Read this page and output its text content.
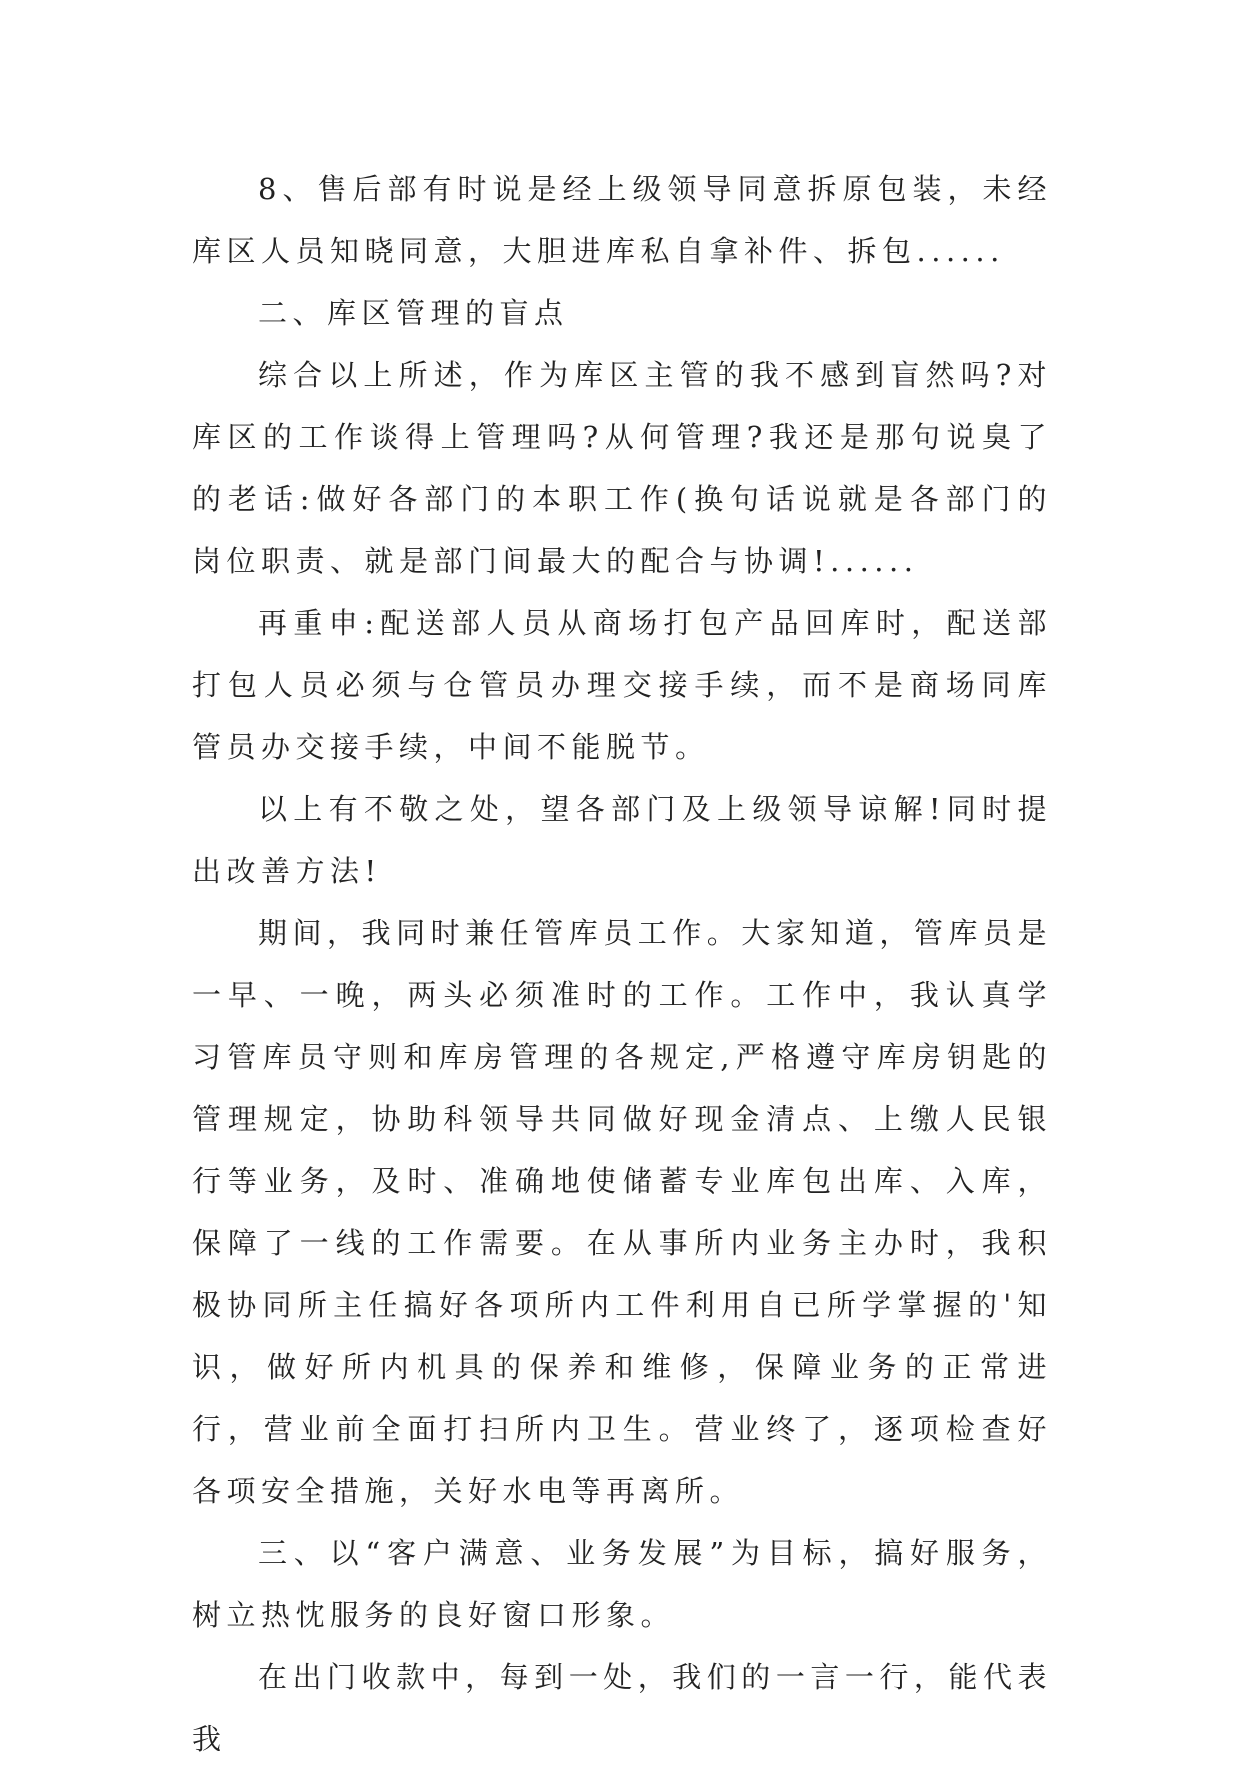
8、售后部有时说是经上级领导同意拆原包装，未经库区人员知晓同意，大胆进库私自拿补件、拆包......

二、库区管理的盲点

综合以上所述，作为库区主管的我不感到盲然吗?对库区的工作谈得上管理吗?从何管理?我还是那句说臭了的老话:做好各部门的本职工作(换句话说就是各部门的岗位职责、就是部门间最大的配合与协调!......

再重申:配送部人员从商场打包产品回库时，配送部打包人员必须与仓管员办理交接手续，而不是商场同库管员办交接手续，中间不能脱节。

以上有不敬之处，望各部门及上级领导谅解!同时提出改善方法!

期间，我同时兼任管库员工作。大家知道，管库员是一早、一晚，两头必须准时的工作。工作中，我认真学习管库员守则和库房管理的各规定,严格遵守库房钥匙的管理规定，协助科领导共同做好现金清点、上缴人民银行等业务，及时、准确地使储蓄专业库包出库、入库，保障了一线的工作需要。在从事所内业务主办时，我积极协同所主任搞好各项所内工件利用自已所学掌握的'知识，做好所内机具的保养和维修，保障业务的正常进行，营业前全面打扫所内卫生。营业终了，逐项检查好各项安全措施，关好水电等再离所。

三、以“客户满意、业务发展”为目标，搞好服务，树立热忱服务的良好窗口形象。

在出门收款中，每到一处，我们的一言一行，能代表我
